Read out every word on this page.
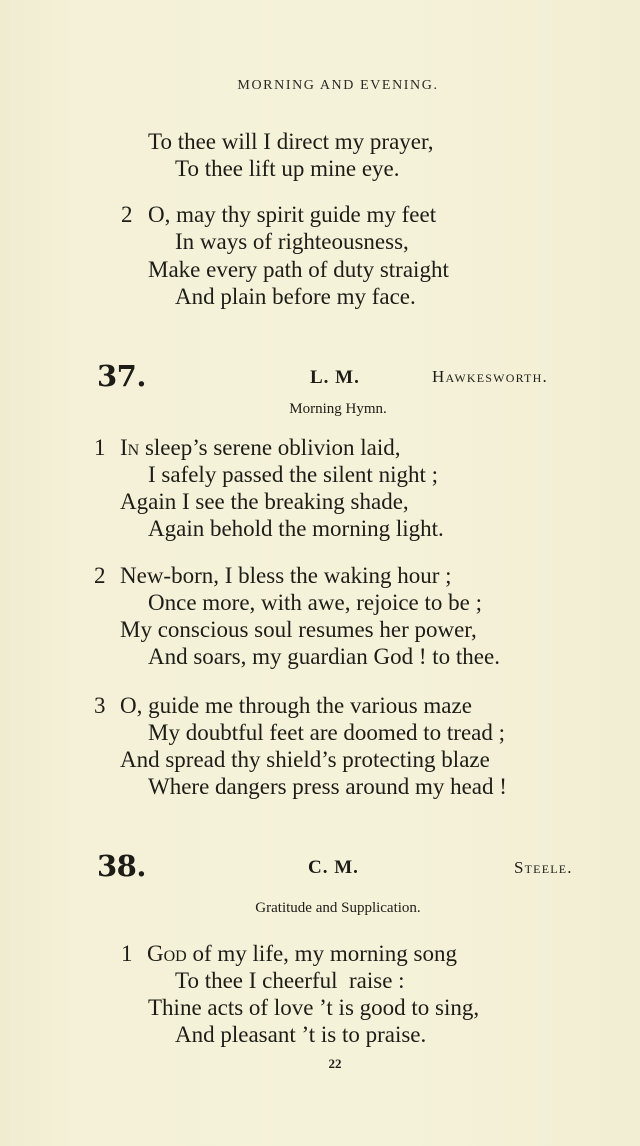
MORNING AND EVENING.
To thee will I direct my prayer,
To thee lift up mine eye.
2 O, may thy spirit guide my feet
In ways of righteousness,
Make every path of duty straight
And plain before my face.
37.	L. M.	Hawkesworth.
Morning Hymn.
1 In sleep’s serene oblivion laid,
I safely passed the silent night ;
Again I see the breaking shade,
Again behold the morning light.
2 New-born, I bless the waking hour ;
Once more, with awe, rejoice to be ;
My conscious soul resumes her power,
And soars, my guardian God ! to thee.
3 O, guide me through the various maze
My doubtful feet are doomed to tread ;
And spread thy shield’s protecting blaze
Where dangers press around my head !
38.	C. M.	Steele.
Gratitude and Supplication.
1 God of my life, my morning song
To thee I cheerful  raise :
Thine acts of love ’t is good to sing,
And pleasant ’t is to praise.
22
